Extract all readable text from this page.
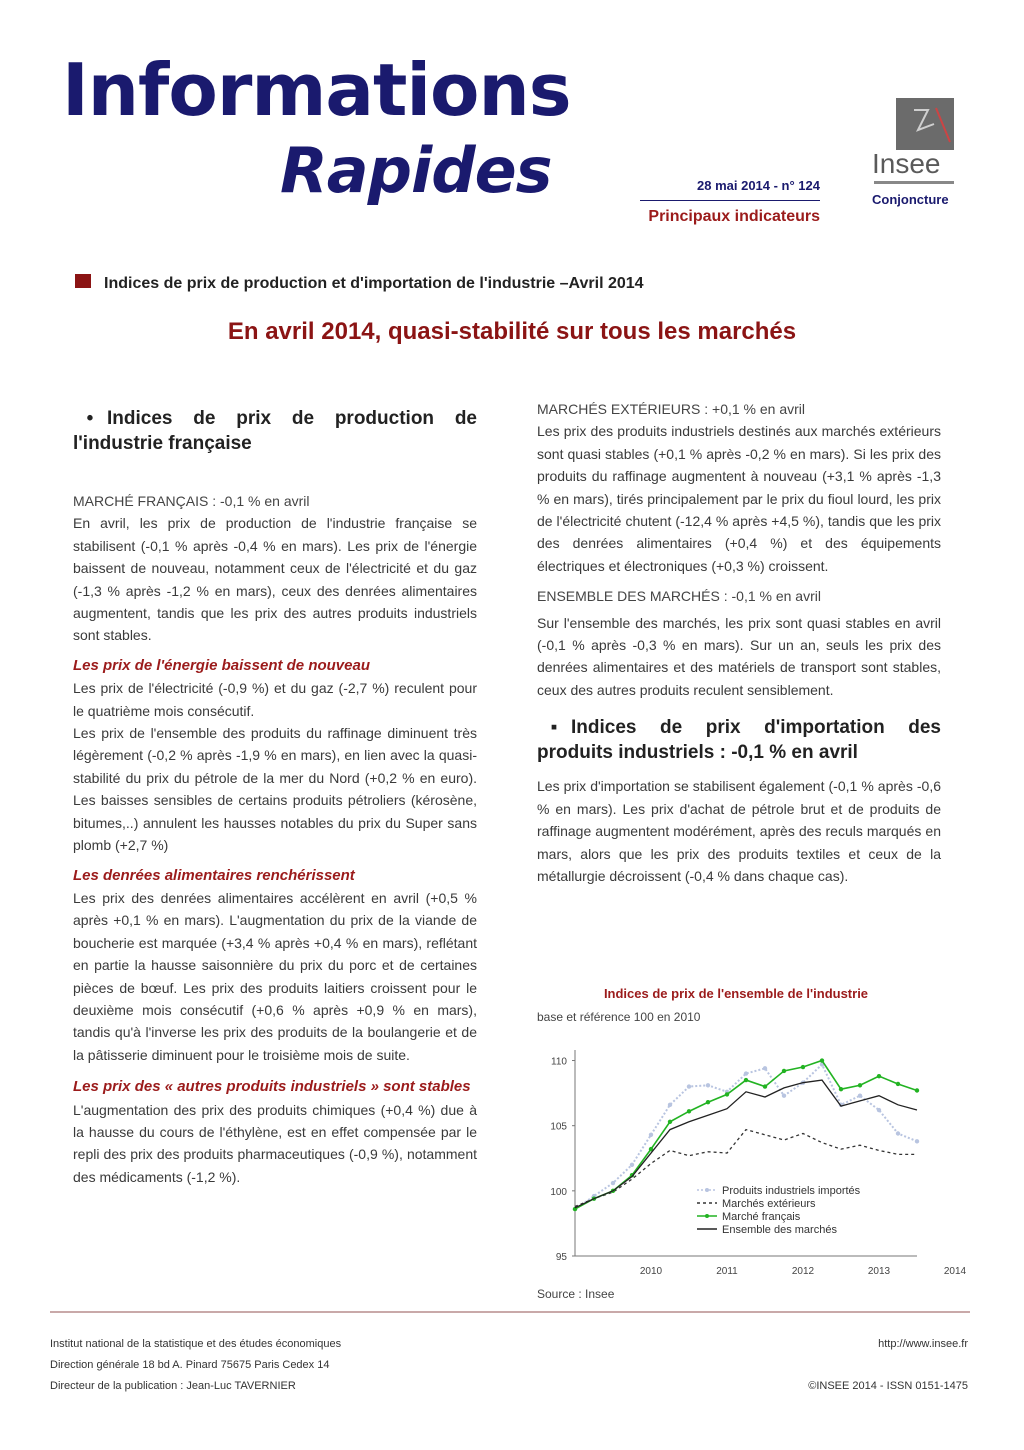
Informations
Rapides	28 mai 2014 - n° 124
Principaux indicateurs
Insee
Conjoncture
Indices de prix de production et d'importation de l'industrie –Avril 2014
En avril 2014, quasi-stabilité sur tous les marchés
• Indices de prix de production de l'industrie française

MARCHÉ FRANÇAIS : -0,1 % en avril

En avril, les prix de production de l'industrie française se stabilisent (-0,1 % après -0,4 % en mars). Les prix de l'énergie baissent de nouveau, notamment ceux de l'électricité et du gaz (-1,3 % après -1,2 % en mars), ceux des denrées alimentaires augmentent, tandis que les prix des autres produits industriels sont stables.

Les prix de l'énergie baissent de nouveau

Les prix de l'électricité (-0,9 %) et du gaz (-2,7 %) reculent pour le quatrième mois consécutif.

Les prix de l'ensemble des produits du raffinage diminuent très légèrement (-0,2 % après -1,9 % en mars), en lien avec la quasi-stabilité du prix du pétrole de la mer du Nord (+0,2 % en euro). Les baisses sensibles de certains produits pétroliers (kérosène, bitumes,..) annulent les hausses notables du prix du Super sans plomb (+2,7 %)

Les denrées alimentaires renchérissent

Les prix des denrées alimentaires accélèrent en avril (+0,5 % après +0,1 % en mars). L'augmentation du prix de la viande de boucherie est marquée (+3,4 % après +0,4 % en mars), reflétant en partie la hausse saisonnière du prix du porc et de certaines pièces de bœuf. Les prix des produits laitiers croissent pour le deuxième mois consécutif (+0,6 % après +0,9 % en mars), tandis qu'à l'inverse les prix des produits de la boulangerie et de la pâtisserie diminuent pour le troisième mois de suite.

Les prix des « autres produits industriels » sont stables

L'augmentation des prix des produits chimiques (+0,4 %) due à la hausse du cours de l'éthylène, est en effet compensée par le repli des prix des produits pharmaceutiques (-0,9 %), notamment des médicaments (-1,2 %).

MARCHÉS EXTÉRIEURS : +0,1 % en avril

Les prix des produits industriels destinés aux marchés extérieurs sont quasi stables (+0,1 % après -0,2 % en mars). Si les prix des produits du raffinage augmentent à nouveau (+3,1 % après -1,3 % en mars), tirés principalement par le prix du fioul lourd, les prix de l'électricité chutent (-12,4 % après +4,5 %), tandis que les prix des denrées alimentaires (+0,4 %) et des équipements électriques et électroniques (+0,3 %) croissent.

ENSEMBLE DES MARCHÉS : -0,1 % en avril

Sur l'ensemble des marchés, les prix sont quasi stables en avril (-0,1 % après -0,3 % en mars). Sur un an, seuls les prix des denrées alimentaires et des matériels de transport sont stables, ceux des autres produits reculent sensiblement.

▪ Indices de prix d'importation des produits industriels : -0,1 % en avril

Les prix d'importation se stabilisent également (-0,1 % après -0,6 % en mars). Les prix d'achat de pétrole brut et de produits de raffinage augmentent modérément, après des reculs marqués en mars, alors que les prix des produits textiles et ceux de la métallurgie décroissent (-0,4 % dans chaque cas).

Indices de prix de l'ensemble de l'industrie
base et référence 100 en 2010
95
100
105
110
2010	2011	2012	2013	2014
Produits industriels importés
Marchés extérieurs
Marché français
Ensemble des marchés
Source : Insee
Institut national de la statistique et des études économiques
Direction générale 18 bd A. Pinard 75675 Paris Cedex 14
Directeur de la publication : Jean-Luc TAVERNIER
http://www.insee.fr
©INSEE 2014 - ISSN 0151-1475
